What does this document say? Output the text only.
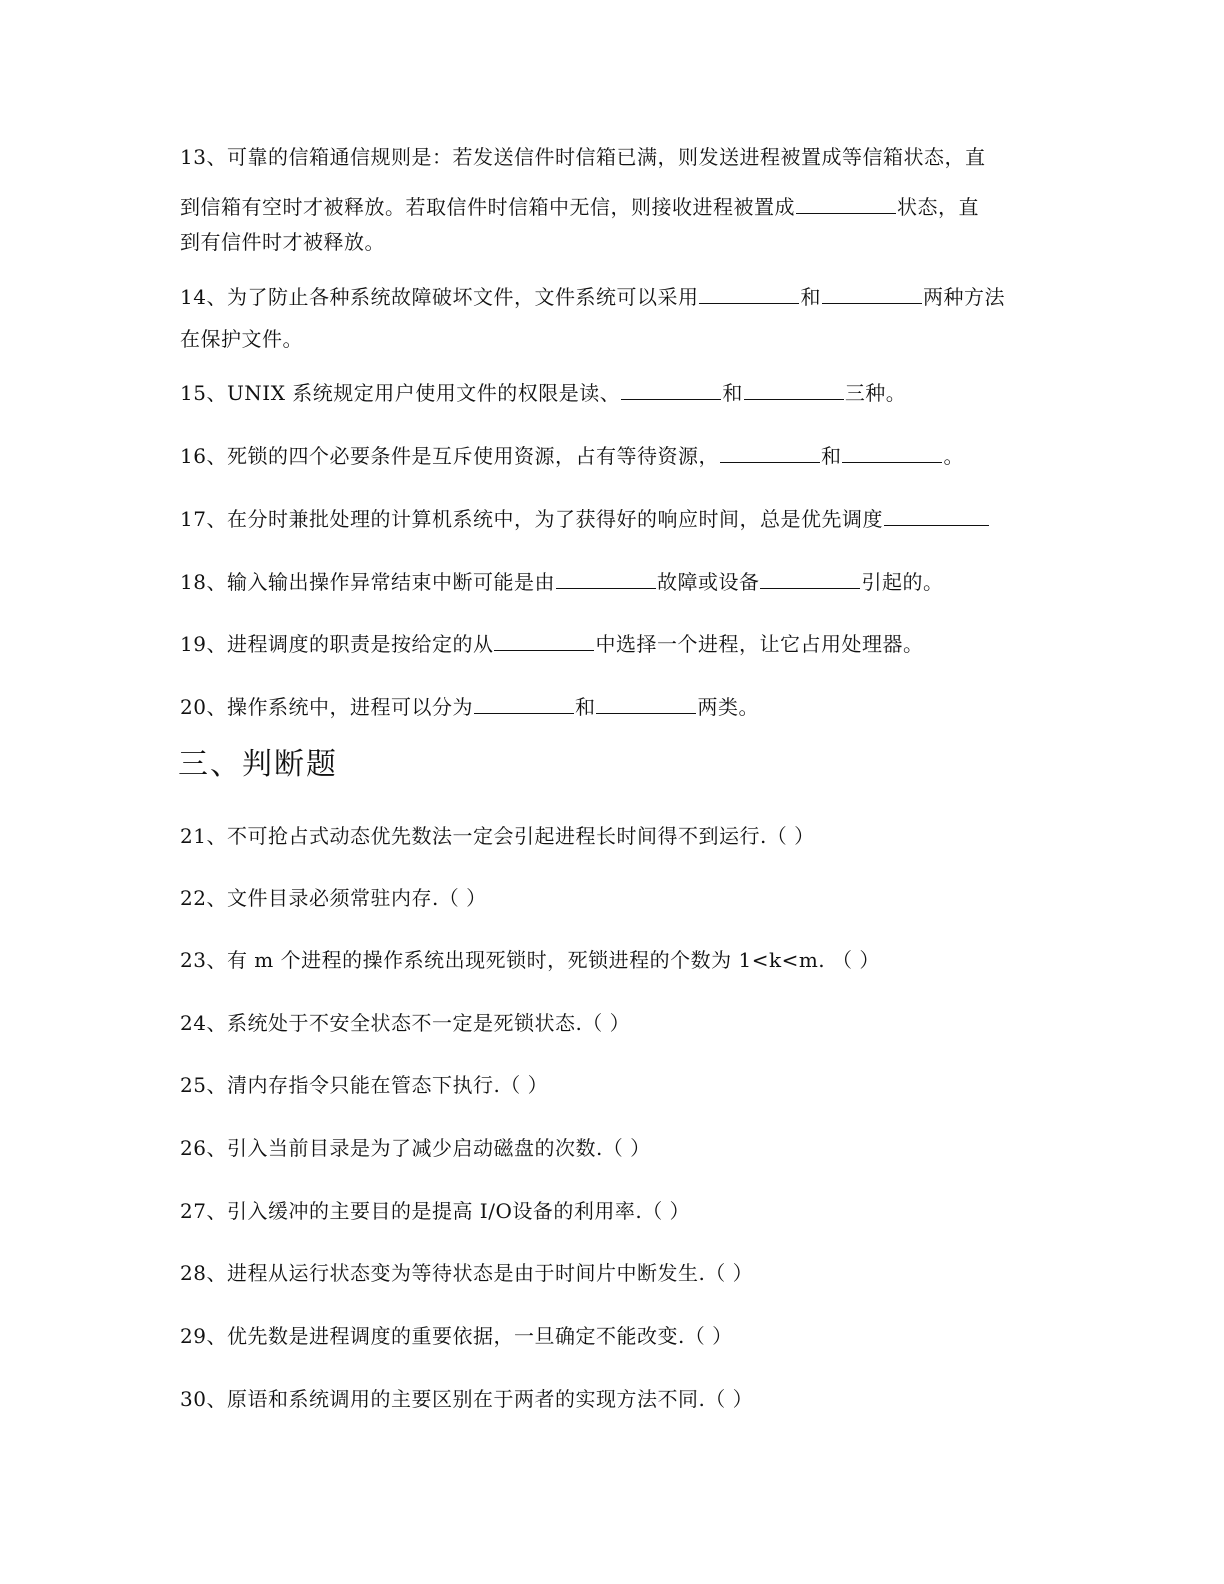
13、可靠的信箱通信规则是：若发送信件时信箱已满，则发送进程被置成等信箱状态，直
到信箱有空时才被释放。若取信件时信箱中无信，则接收进程被置成	状态，直
到有信件时才被释放。
14、为了防止各种系统故障破坏文件，文件系统可以采用	和	两种方法
在保护文件。
15、UNIX 系统规定用户使用文件的权限是读、	和	三种。
16、死锁的四个必要条件是互斥使用资源，占有等待资源，	和	。
17、在分时兼批处理的计算机系统中，为了获得好的响应时间，总是优先调度
18、输入输出操作异常结束中断可能是由	故障或设备	引起的。
19、进程调度的职责是按给定的从	中选择一个进程，让它占用处理器。
20、操作系统中，进程可以分为	和	两类。
三、判断题
21、不可抢占式动态优先数法一定会引起进程长时间得不到运行.（ ）
22、文件目录必须常驻内存.（ ）
23、有 m 个进程的操作系统出现死锁时，死锁进程的个数为 1<k<m. （ ）
24、系统处于不安全状态不一定是死锁状态.（ ）
25、清内存指令只能在管态下执行.（ ）
26、引入当前目录是为了减少启动磁盘的次数.（ ）
27、引入缓冲的主要目的是提高 I/O设备的利用率.（ ）
28、进程从运行状态变为等待状态是由于时间片中断发生.（ ）
29、优先数是进程调度的重要依据，一旦确定不能改变.（ ）
30、原语和系统调用的主要区别在于两者的实现方法不同.（ ）
